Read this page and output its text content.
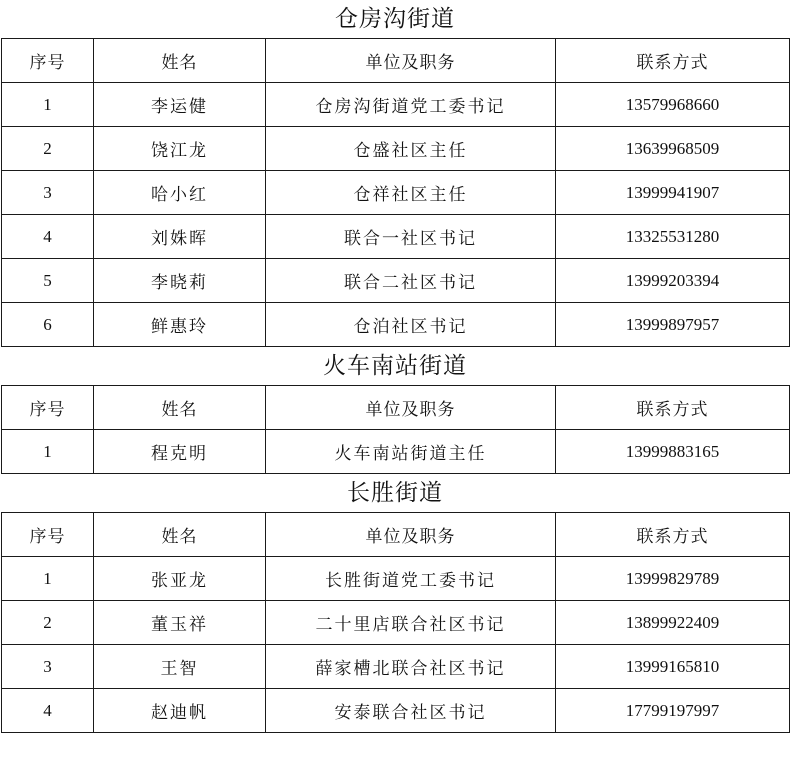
仓房沟街道
序号	姓名	单位及职务	联系方式
1	李运健	仓房沟街道党工委书记	13579968660
2	饶江龙	仓盛社区主任	13639968509
3	哈小红	仓祥社区主任	13999941907
4	刘姝晖	联合一社区书记	13325531280
5	李晓莉	联合二社区书记	13999203394
6	鲜惠玲	仓泊社区书记	13999897957
火车南站街道
序号	姓名	单位及职务	联系方式
1	程克明	火车南站街道主任	13999883165
长胜街道
序号	姓名	单位及职务	联系方式
1	张亚龙	长胜街道党工委书记	13999829789
2	董玉祥	二十里店联合社区书记	13899922409
3	王智	薛家槽北联合社区书记	13999165810
4	赵迪帆	安泰联合社区书记	17799197997
